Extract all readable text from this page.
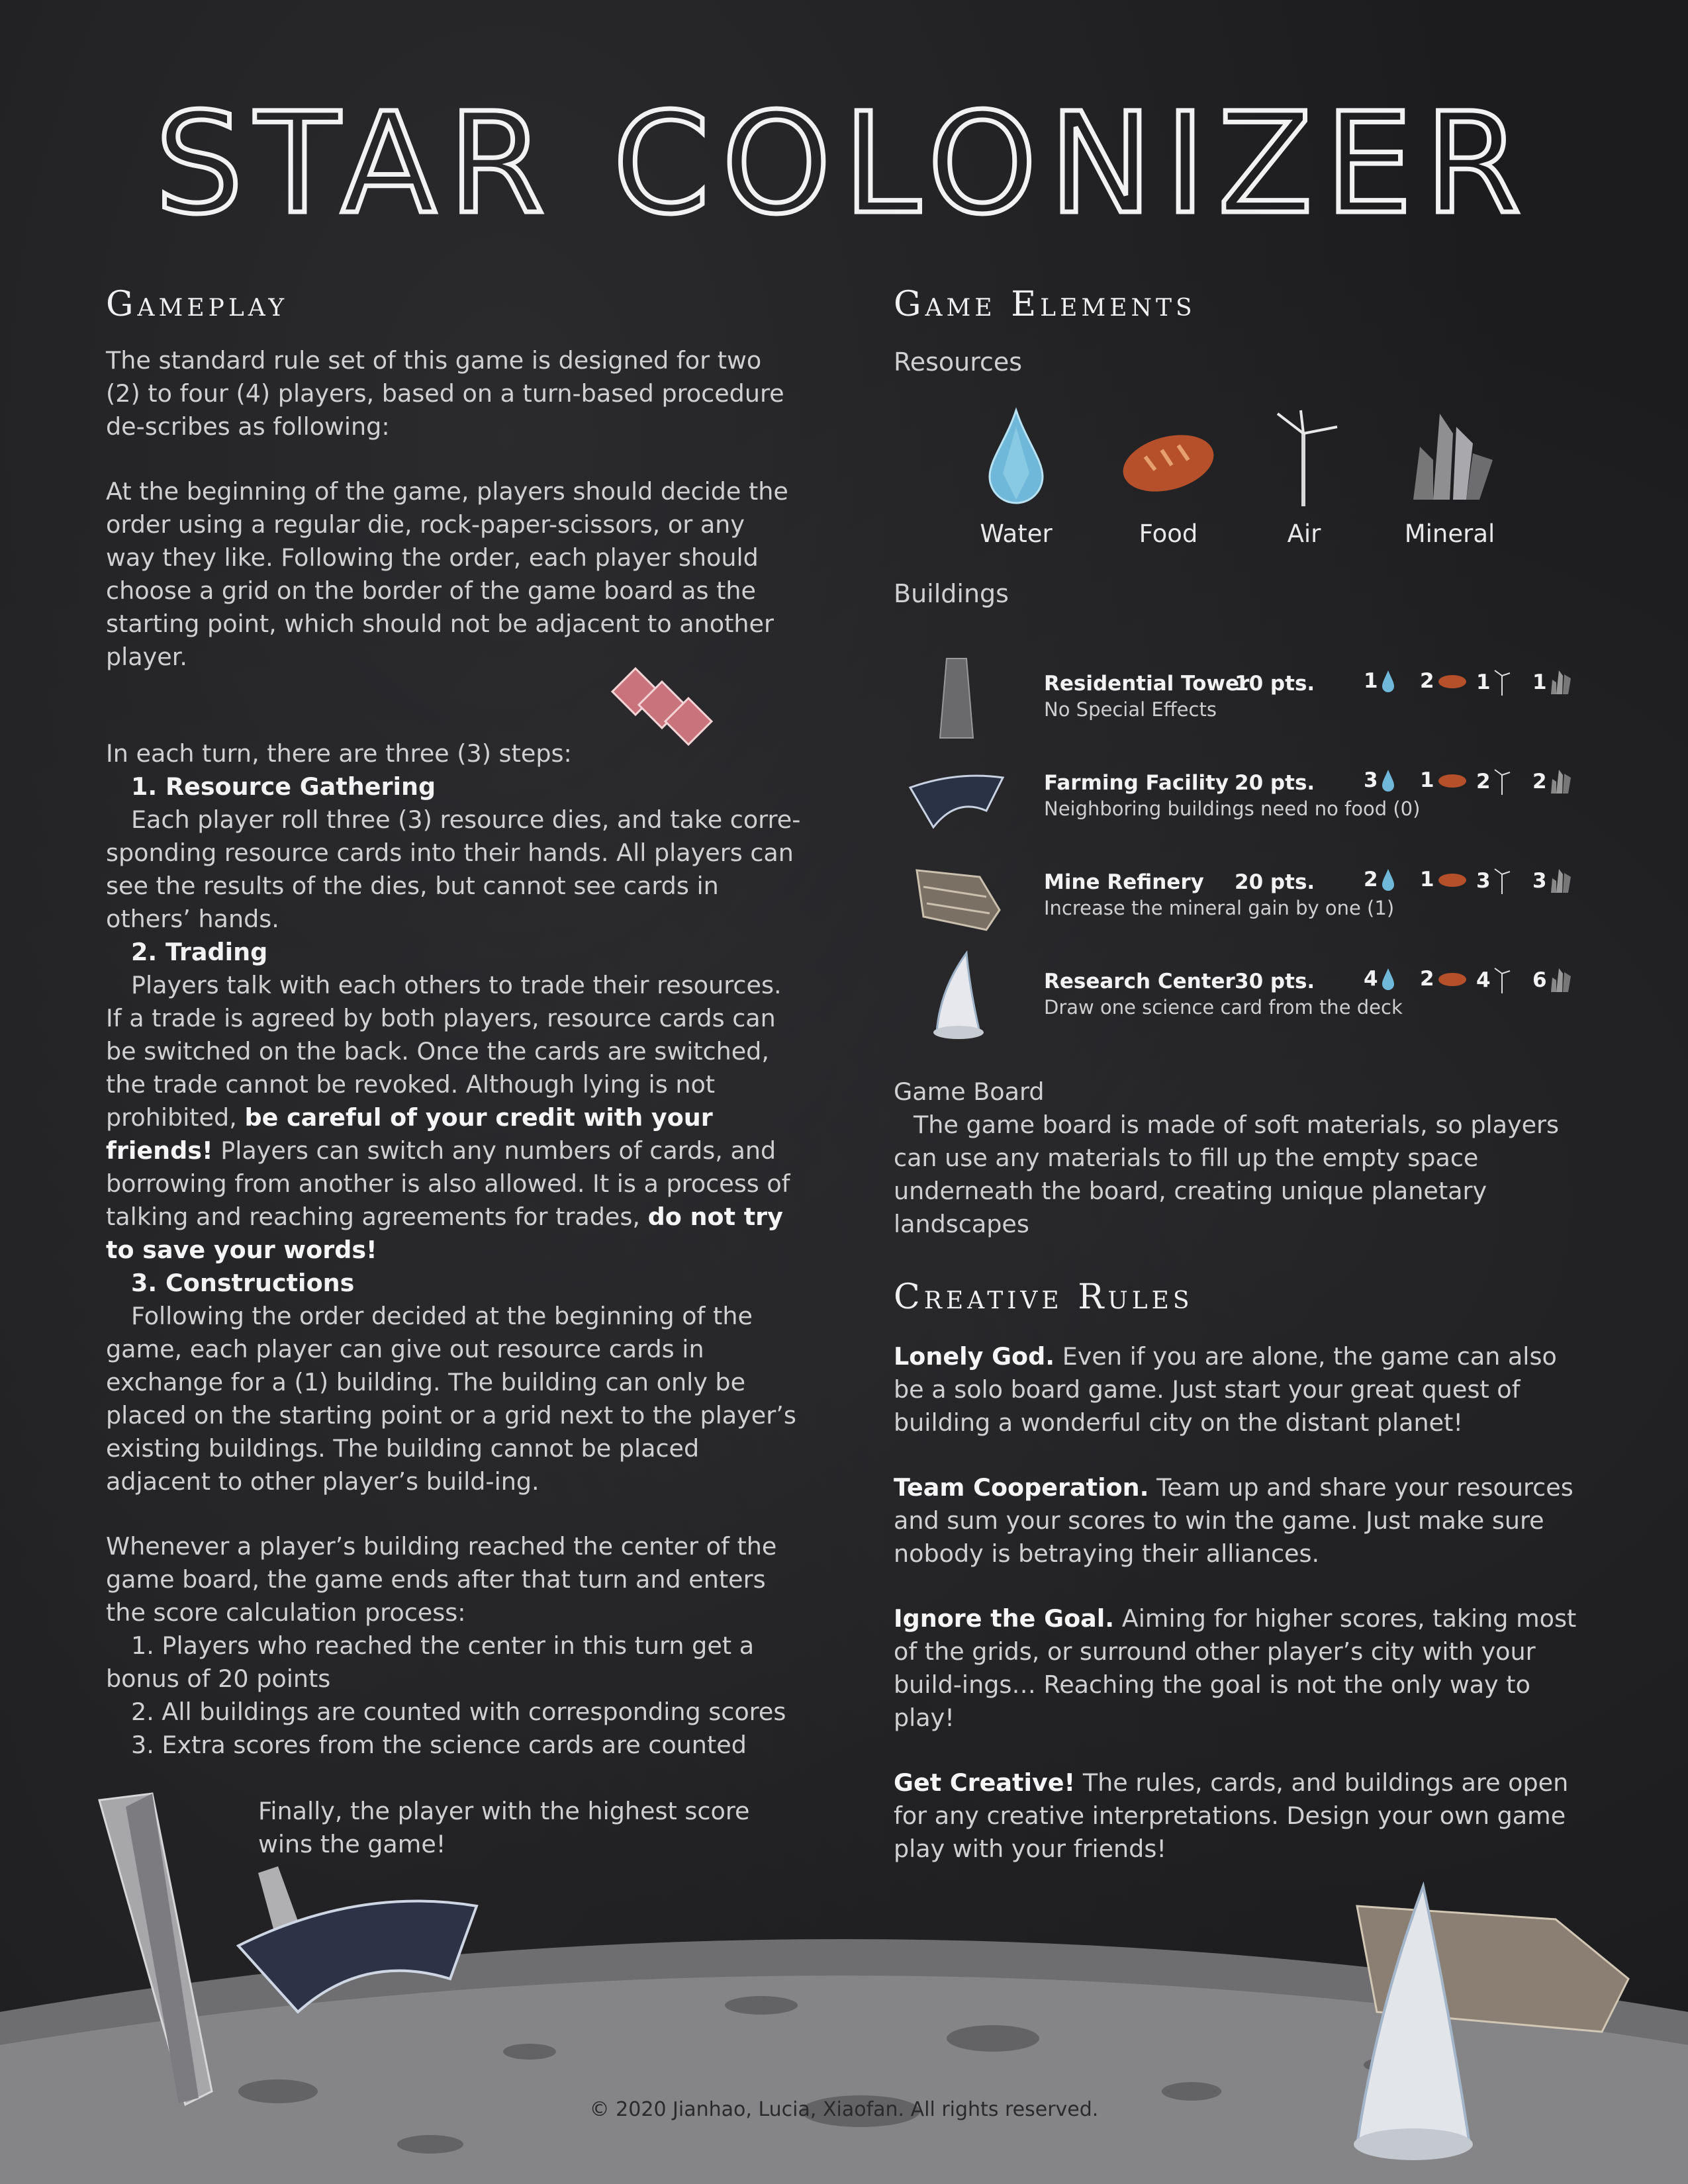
STAR COLONIZER
Gameplay

The standard rule set of this game is designed for two (2) to four (4) players, based on a turn-based procedure de-scribes as following:

At the beginning of the game, players should decide the order using a regular die, rock-paper-scissors, or any way they like. Following the order, each player should choose a grid on the border of the game board as the starting point, which should not be adjacent to another player.

In each turn, there are three (3) steps:

1. Resource Gathering

Each player roll three (3) resource dies, and take corre-sponding resource cards into their hands. All players can see the results of the dies, but cannot see cards in others’ hands.

2. Trading

Players talk with each others to trade their resources. If a trade is agreed by both players, resource cards can be switched on the back. Once the cards are switched, the trade cannot be revoked. Although lying is not prohibited, be careful of your credit with your friends! Players can switch any numbers of cards, and borrowing from another is also allowed. It is a process of talking and reaching agreements for trades, do not try to save your words!

3. Constructions

Following the order decided at the beginning of the game, each player can give out resource cards in exchange for a (1) building. The building can only be placed on the starting point or a grid next to the player’s existing buildings. The building cannot be placed adjacent to other player’s build-ing.

Whenever a player’s building reached the center of the game board, the game ends after that turn and enters the score calculation process:

1. Players who reached the center in this turn get a

bonus of 20 points

2. All buildings are counted with corresponding scores

3. Extra scores from the science cards are counted

Finally, the player with the highest score wins the game!

Game Elements

Resources

Water	Food	Air	Mineral

Buildings

Residential Tower
10 pts.
No Special Effects
1 2 1 1
Farming Facility 20 pts.
Neighboring buildings need no food (0)
3 1 2 2
Mine Refinery 20 pts.
Increase the mineral gain by one (1)
2 1 3 3
Research Center 30 pts.
Draw one science card from the deck
4 2 4 6

Game Board

The game board is made of soft materials, so players can use any materials to fill up the empty space underneath the board, creating unique planetary landscapes

Creative Rules

Lonely God. Even if you are alone, the game can also be a solo board game. Just start your great quest of building a wonderful city on the distant planet!

Team Cooperation. Team up and share your resources and sum your scores to win the game. Just make sure nobody is betraying their alliances.

Ignore the Goal. Aiming for higher scores, taking most of the grids, or surround other player’s city with your build-ings… Reaching the goal is not the only way to play!

Get Creative! The rules, cards, and buildings are open for any creative interpretations. Design your own game play with your friends!

© 2020 Jianhao, Lucia, Xiaofan. All rights reserved.
